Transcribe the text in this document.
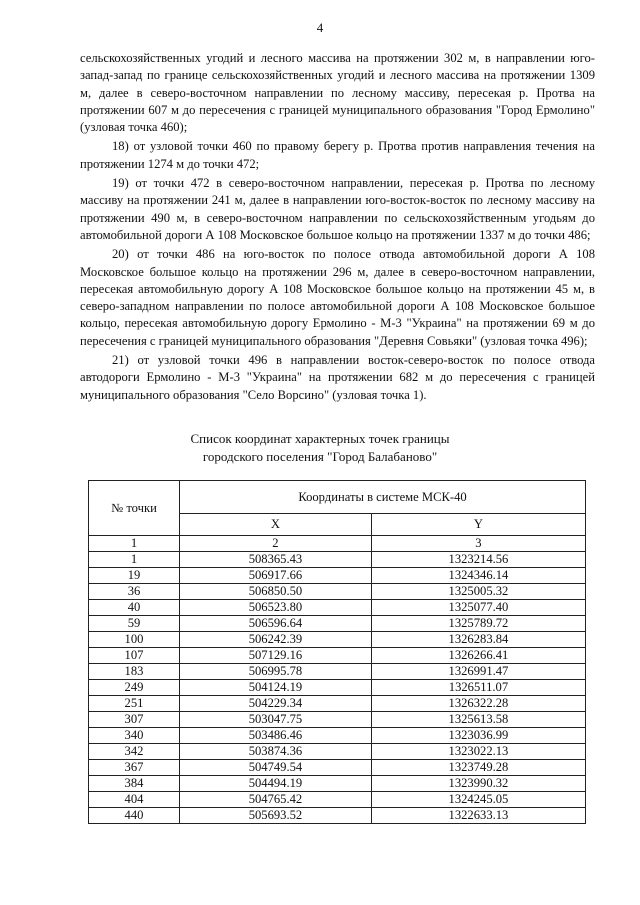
4

сельскохозяйственных угодий и лесного массива на протяжении 302 м, в направлении юго-запад-запад по границе сельскохозяйственных угодий и лесного массива на протяжении 1309 м, далее в северо-восточном направлении по лесному массиву, пересекая р. Протва на протяжении 607 м до пересечения с границей муниципального образования "Город Ермолино" (узловая точка 460);

18) от узловой точки 460 по правому берегу р. Протва против направления течения на протяжении 1274 м до точки 472;

19) от точки 472 в северо-восточном направлении, пересекая р. Протва по лесному массиву на протяжении 241 м, далее в направлении юго-восток-восток по лесному массиву на протяжении 490 м, в северо-восточном направлении по сельскохозяйственным угодьям до автомобильной дороги А 108 Московское большое кольцо на протяжении 1337 м до точки 486;

20) от точки 486 на юго-восток по полосе отвода автомобильной дороги А 108 Московское большое кольцо на протяжении 296 м, далее в северо-восточном направлении, пересекая автомобильную дорогу А 108 Московское большое кольцо на протяжении 45 м, в северо-западном направлении по полосе автомобильной дороги А 108 Московское большое кольцо, пересекая автомобильную дорогу Ермолино - М-3 "Украина" на протяжении 69 м до пересечения с границей муниципального образования "Деревня Совьяки" (узловая точка 496);

21) от узловой точки 496 в направлении восток-северо-восток по полосе отвода автодороги Ермолино - М-3 "Украина" на протяжении 682 м до пересечения с границей муниципального образования "Село Ворсино" (узловая точка 1).

Список координат характерных точек границы
городского поселения "Город Балабаново"
№ точки	Координаты в системе МСК-40	
	X	Y
1	2	3
1	508365.43	1323214.56
19	506917.66	1324346.14
36	506850.50	1325005.32
40	506523.80	1325077.40
59	506596.64	1325789.72
100	506242.39	1326283.84
107	507129.16	1326266.41
183	506995.78	1326991.47
249	504124.19	1326511.07
251	504229.34	1326322.28
307	503047.75	1325613.58
340	503486.46	1323036.99
342	503874.36	1323022.13
367	504749.54	1323749.28
384	504494.19	1323990.32
404	504765.42	1324245.05
440	505693.52	1322633.13
